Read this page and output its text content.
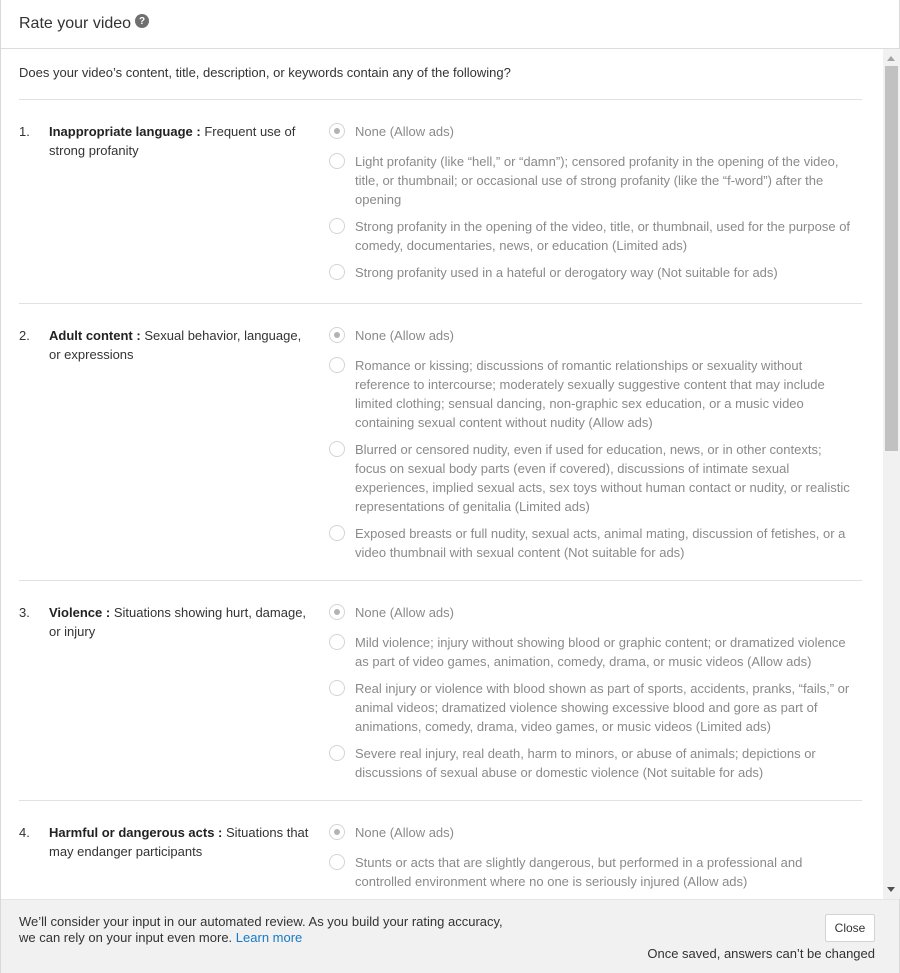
Rate your video ?
Does your video’s content, title, description, or keywords contain any of the following?
1. Inappropriate language : Frequent use of strong profanity
None (Allow ads)
Light profanity (like “hell,” or “damn”); censored profanity in the opening of the video, title, or thumbnail; or occasional use of strong profanity (like the “f-word”) after the opening
Strong profanity in the opening of the video, title, or thumbnail, used for the purpose of comedy, documentaries, news, or education (Limited ads)
Strong profanity used in a hateful or derogatory way (Not suitable for ads)
2. Adult content : Sexual behavior, language, or expressions
None (Allow ads)
Romance or kissing; discussions of romantic relationships or sexuality without reference to intercourse; moderately sexually suggestive content that may include limited clothing; sensual dancing, non-graphic sex education, or a music video containing sexual content without nudity (Allow ads)
Blurred or censored nudity, even if used for education, news, or in other contexts; focus on sexual body parts (even if covered), discussions of intimate sexual experiences, implied sexual acts, sex toys without human contact or nudity, or realistic representations of genitalia (Limited ads)
Exposed breasts or full nudity, sexual acts, animal mating, discussion of fetishes, or a video thumbnail with sexual content (Not suitable for ads)
3. Violence : Situations showing hurt, damage, or injury
None (Allow ads)
Mild violence; injury without showing blood or graphic content; or dramatized violence as part of video games, animation, comedy, drama, or music videos (Allow ads)
Real injury or violence with blood shown as part of sports, accidents, pranks, “fails,” or animal videos; dramatized violence showing excessive blood and gore as part of animations, comedy, drama, video games, or music videos (Limited ads)
Severe real injury, real death, harm to minors, or abuse of animals; depictions or discussions of sexual abuse or domestic violence (Not suitable for ads)
4. Harmful or dangerous acts : Situations that may endanger participants
None (Allow ads)
Stunts or acts that are slightly dangerous, but performed in a professional and controlled environment where no one is seriously injured (Allow ads)
We’ll consider your input in our automated review. As you build your rating accuracy, we can rely on your input even more. Learn more
Close
Once saved, answers can’t be changed
